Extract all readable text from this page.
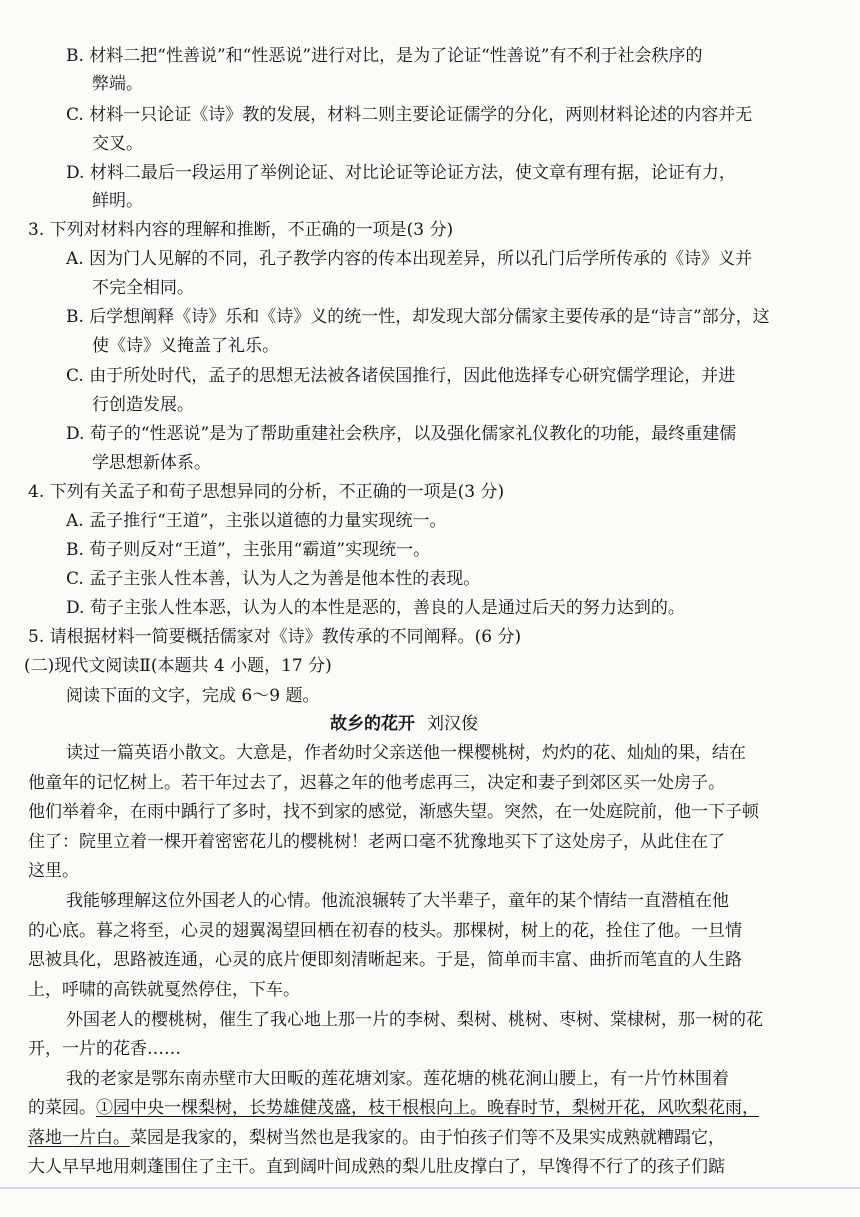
B. 材料二把“性善说”和“性恶说”进行对比，是为了论证“性善说”有不利于社会秩序的
弊端。
C. 材料一只论证《诗》教的发展，材料二则主要论证儒学的分化，两则材料论述的内容并无
交叉。
D. 材料二最后一段运用了举例论证、对比论证等论证方法，使文章有理有据，论证有力，
鲜明。
3. 下列对材料内容的理解和推断，不正确的一项是(3 分)
A. 因为门人见解的不同，孔子教学内容的传本出现差异，所以孔门后学所传承的《诗》义并
不完全相同。
B. 后学想阐释《诗》乐和《诗》义的统一性，却发现大部分儒家主要传承的是“诗言”部分，这
使《诗》义掩盖了礼乐。
C. 由于所处时代，孟子的思想无法被各诸侯国推行，因此他选择专心研究儒学理论，并进
行创造发展。
D. 荀子的“性恶说”是为了帮助重建社会秩序，以及强化儒家礼仪教化的功能，最终重建儒
学思想新体系。
4. 下列有关孟子和荀子思想异同的分析，不正确的一项是(3 分)
A. 孟子推行“王道”，主张以道德的力量实现统一。
B. 荀子则反对“王道”，主张用“霸道”实现统一。
C. 孟子主张人性本善，认为人之为善是他本性的表现。
D. 荀子主张人性本恶，认为人的本性是恶的，善良的人是通过后天的努力达到的。
5. 请根据材料一简要概括儒家对《诗》教传承的不同阐释。(6 分)
(二)现代文阅读Ⅱ(本题共 4 小题，17 分)
阅读下面的文字，完成 6～9 题。
故乡的花开 刘汉俊
读过一篇英语小散文。大意是，作者幼时父亲送他一棵樱桃树，灼灼的花、灿灿的果，结在
他童年的记忆树上。若干年过去了，迟暮之年的他考虑再三，决定和妻子到郊区买一处房子。
他们举着伞，在雨中踽行了多时，找不到家的感觉，渐感失望。突然，在一处庭院前，他一下子顿
住了：院里立着一棵开着密密花儿的樱桃树！老两口毫不犹豫地买下了这处房子，从此住在了
这里。
我能够理解这位外国老人的心情。他流浪辗转了大半辈子，童年的某个情结一直潜植在他
的心底。暮之将至，心灵的翅翼渴望回栖在初春的枝头。那棵树，树上的花，拴住了他。一旦情
思被具化，思路被连通，心灵的底片便即刻清晰起来。于是，简单而丰富、曲折而笔直的人生路
上，呼啸的高铁就戛然停住，下车。
外国老人的樱桃树，催生了我心地上那一片的李树、梨树、桃树、枣树、棠棣树，那一树的花
开，一片的花香……
我的老家是鄂东南赤壁市大田畈的莲花塘刘家。莲花塘的桃花涧山腰上，有一片竹林围着
的菜园。①园中央一棵梨树，长势雄健茂盛，枝干根根向上。晚春时节，梨树开花，风吹梨花雨，
落地一片白。菜园是我家的，梨树当然也是我家的。由于怕孩子们等不及果实成熟就糟蹋它，
大人早早地用刺蓬围住了主干。直到阔叶间成熟的梨儿肚皮撑白了，早馋得不行了的孩子们踮
